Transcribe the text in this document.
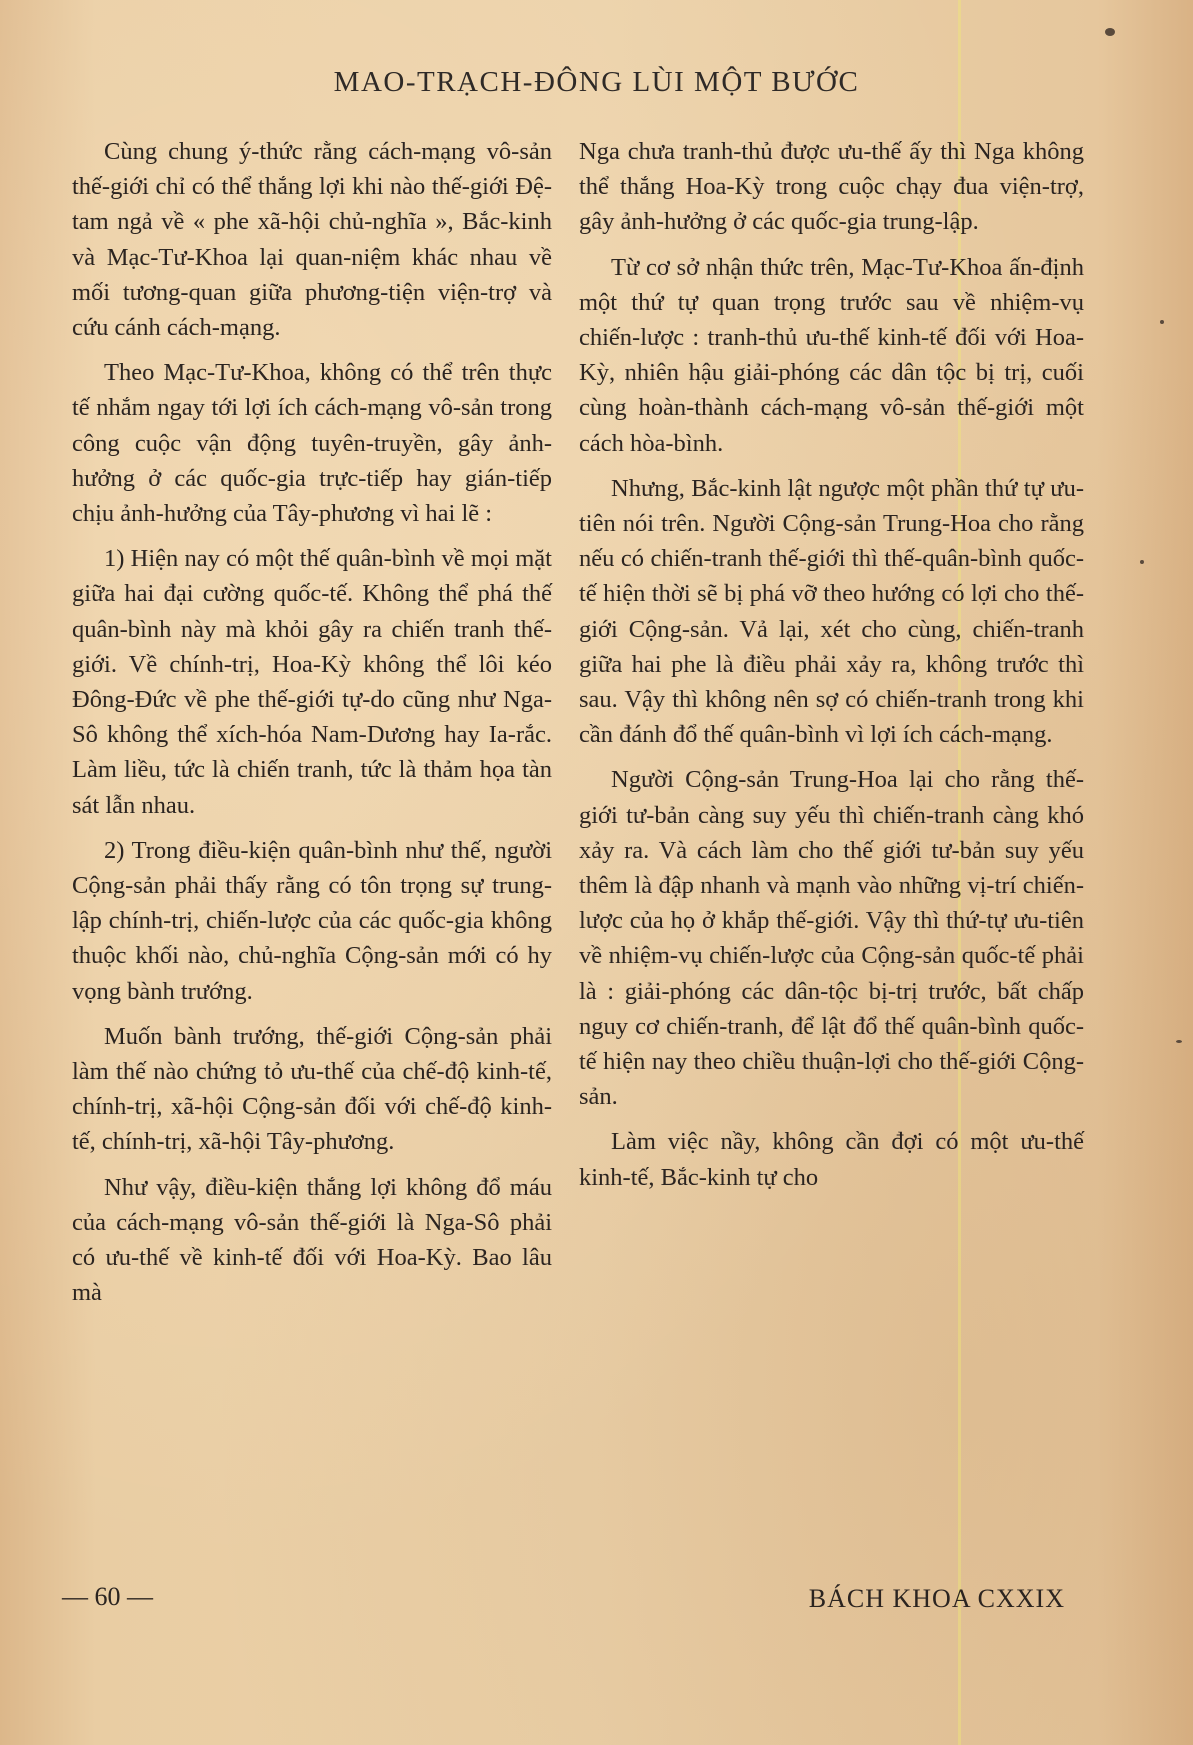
MAO-TRẠCH-ĐÔNG LÙI MỘT BƯỚC

Cùng chung ý-thức rằng cách-mạng vô-sản thế-giới chỉ có thể thắng lợi khi nào thế-giới Đệ-tam ngả về « phe xã-hội chủ-nghĩa », Bắc-kinh và Mạc-Tư-Khoa lại quan-niệm khác nhau về mối tương-quan giữa phương-tiện viện-trợ và cứu cánh cách-mạng.

Theo Mạc-Tư-Khoa, không có thể trên thực tế nhắm ngay tới lợi ích cách-mạng vô-sản trong công cuộc vận động tuyên-truyền, gây ảnh-hưởng ở các quốc-gia trực-tiếp hay gián-tiếp chịu ảnh-hưởng của Tây-phương vì hai lẽ :

1) Hiện nay có một thế quân-bình về mọi mặt giữa hai đại cường quốc-tế. Không thể phá thế quân-bình này mà khỏi gây ra chiến tranh thế-giới. Về chính-trị, Hoa-Kỳ không thể lôi kéo Đông-Đức về phe thế-giới tự-do cũng như Nga-Sô không thể xích-hóa Nam-Dương hay Ia-rắc. Làm liều, tức là chiến tranh, tức là thảm họa tàn sát lẫn nhau.

2) Trong điều-kiện quân-bình như thế, người Cộng-sản phải thấy rằng có tôn trọng sự trung-lập chính-trị, chiến-lược của các quốc-gia không thuộc khối nào, chủ-nghĩa Cộng-sản mới có hy vọng bành trướng.

Muốn bành trướng, thế-giới Cộng-sản phải làm thế nào chứng tỏ ưu-thế của chế-độ kinh-tế, chính-trị, xã-hội Cộng-sản đối với chế-độ kinh-tế, chính-trị, xã-hội Tây-phương.

Như vậy, điều-kiện thắng lợi không đổ máu của cách-mạng vô-sản thế-giới là Nga-Sô phải có ưu-thế về kinh-tế đối với Hoa-Kỳ. Bao lâu mà

Nga chưa tranh-thủ được ưu-thế ấy thì Nga không thể thắng Hoa-Kỳ trong cuộc chạy đua viện-trợ, gây ảnh-hưởng ở các quốc-gia trung-lập.

Từ cơ sở nhận thức trên, Mạc-Tư-Khoa ấn-định một thứ tự quan trọng trước sau về nhiệm-vụ chiến-lược : tranh-thủ ưu-thế kinh-tế đối với Hoa-Kỳ, nhiên hậu giải-phóng các dân tộc bị trị, cuối cùng hoàn-thành cách-mạng vô-sản thế-giới một cách hòa-bình.

Nhưng, Bắc-kinh lật ngược một phần thứ tự ưu-tiên nói trên. Người Cộng-sản Trung-Hoa cho rằng nếu có chiến-tranh thế-giới thì thế-quân-bình quốc-tế hiện thời sẽ bị phá vỡ theo hướng có lợi cho thế-giới Cộng-sản. Vả lại, xét cho cùng, chiến-tranh giữa hai phe là điều phải xảy ra, không trước thì sau. Vậy thì không nên sợ có chiến-tranh trong khi cần đánh đổ thế quân-bình vì lợi ích cách-mạng.

Người Cộng-sản Trung-Hoa lại cho rằng thế-giới tư-bản càng suy yếu thì chiến-tranh càng khó xảy ra. Và cách làm cho thế giới tư-bản suy yếu thêm là đập nhanh và mạnh vào những vị-trí chiến-lược của họ ở khắp thế-giới. Vậy thì thứ-tự ưu-tiên về nhiệm-vụ chiến-lược của Cộng-sản quốc-tế phải là : giải-phóng các dân-tộc bị-trị trước, bất chấp nguy cơ chiến-tranh, để lật đổ thế quân-bình quốc-tế hiện nay theo chiều thuận-lợi cho thế-giới Cộng-sản.

Làm việc nầy, không cần đợi có một ưu-thế kinh-tế, Bắc-kinh tự cho

— 60 —	BÁCH KHOA CXXIX
